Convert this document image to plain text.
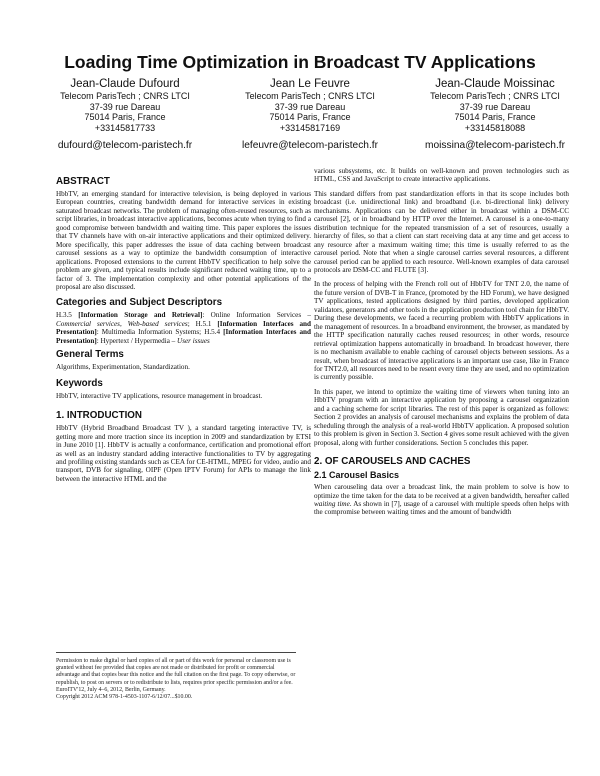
Loading Time Optimization in Broadcast TV Applications
Jean-Claude Dufourd
Telecom ParisTech ; CNRS LTCI
37-39 rue Dareau
75014 Paris, France
+33145817733
dufourd@telecom-paristech.fr
Jean Le Feuvre
Telecom ParisTech ; CNRS LTCI
37-39 rue Dareau
75014 Paris, France
+33145817169
lefeuvre@telecom-paristech.fr
Jean-Claude Moissinac
Telecom ParisTech ; CNRS LTCI
37-39 rue Dareau
75014 Paris, France
+33145818088
moissina@telecom-paristech.fr
ABSTRACT

HbbTV, an emerging standard for interactive television, is being deployed in various European countries, creating bandwidth demand for interactive services in existing saturated broadcast networks. The problem of managing often-reused resources, such as script libraries, in broadcast interactive applications, becomes acute when trying to find a good compromise between bandwidth and waiting time. This paper explores the issues that TV channels have with on-air interactive applications and their optimized delivery. More specifically, this paper addresses the issue of data caching between broadcast carousel sessions as a way to optimize the bandwidth consumption of interactive applications. Proposed extensions to the current HbbTV specification to help solve the problem are given, and typical results include significant reduced waiting time, up to a factor of 3. The implementation complexity and other potential applications of the proposal are also discussed.

Categories and Subject Descriptors
H.3.5 [Information Storage and Retrieval]: Online Information Services – Commercial services, Web-based services; H.5.1 [Information Interfaces and Presentation]: Multimedia Information Systems; H.5.4 [Information Interfaces and Presentation]: Hypertext / Hypermedia – User issues
General Terms

Algorithms, Experimentation, Standardization.

Keywords

HbbTV, interactive TV applications, resource management in broadcast.

1. INTRODUCTION

HbbTV (Hybrid Broadband Broadcast TV ), a standard targeting interactive TV, is getting more and more traction since its inception in 2009 and standardization by ETSI in June 2010 [1]. HbbTV is actually a conformance, certification and promotional effort as well as an industry standard adding interactive functionalities to TV by aggregating and profiling existing standards such as CEA for CE-HTML, MPEG for video, audio and transport, DVB for signaling, OIPF (Open IPTV Forum) for APIs to manage the link between the interactive HTML and the

Permission to make digital or hard copies of all or part of this work for personal or classroom use is granted without fee provided that copies are not made or distributed for profit or commercial advantage and that copies bear this notice and the full citation on the first page. To copy otherwise, or republish, to post on servers or to redistribute to lists, requires prior specific permission and/or a fee.
EuroITV'12, July 4–6, 2012, Berlin, Germany.
Copyright 2012 ACM 978-1-4503-1107-6/12/07...$10.00.

various subsystems, etc. It builds on well-known and proven technologies such as HTML, CSS and JavaScript to create interactive applications.

This standard differs from past standardization efforts in that its scope includes both broadcast (i.e. unidirectional link) and broadband (i.e. bi-directional link) delivery mechanisms. Applications can be delivered either in broadcast within a DSM-CC carousel [2], or in broadband by HTTP over the Internet. A carousel is a one-to-many distribution technique for the repeated transmission of a set of resources, usually a hierarchy of files, so that a client can start receiving data at any time and get access to any resource after a maximum waiting time; this time is usually referred to as the carousel period. Note that when a single carousel carries several resources, a different carousel period can be applied to each resource. Well-known examples of data carousel protocols are DSM-CC and FLUTE [3].

In the process of helping with the French roll out of HbbTV for TNT 2.0, the name of the future version of DVB-T in France, (promoted by the HD Forum), we have designed TV applications, tested applications designed by third parties, developed application validators, generators and other tools in the application production tool chain for HbbTV. During these developments, we faced a recurring problem with HbbTV applications in the management of resources. In a broadband environment, the browser, as mandated by the HTTP specification naturally caches reused resources; in other words, resource retrieval optimization happens automatically in broadband. In broadcast however, there is no mechanism available to enable caching of carousel objects between sessions. As a result, when broadcast of interactive applications is an important use case, like in France for TNT2.0, all resources need to be resent every time they are used, and no optimization is currently possible.

In this paper, we intend to optimize the waiting time of viewers when tuning into an HbbTV program with an interactive application by proposing a carousel organization and a caching scheme for script libraries. The rest of this paper is organized as follows: Section 2 provides an analysis of carousel mechanisms and explains the problem of data scheduling through the analysis of a real-world HbbTV application. A proposed solution to this problem is given in Section 3. Section 4 gives some result achieved with the given proposal, along with further considerations. Section 5 concludes this paper.

2. OF CAROUSELS AND CACHES
2.1 Carousel Basics

When carouseling data over a broadcast link, the main problem to solve is how to optimize the time taken for the data to be received at a given bandwidth, hereafter called waiting time. As shown in [7], usage of a carousel with multiple speeds often helps with the compromise between waiting times and the amount of bandwidth
